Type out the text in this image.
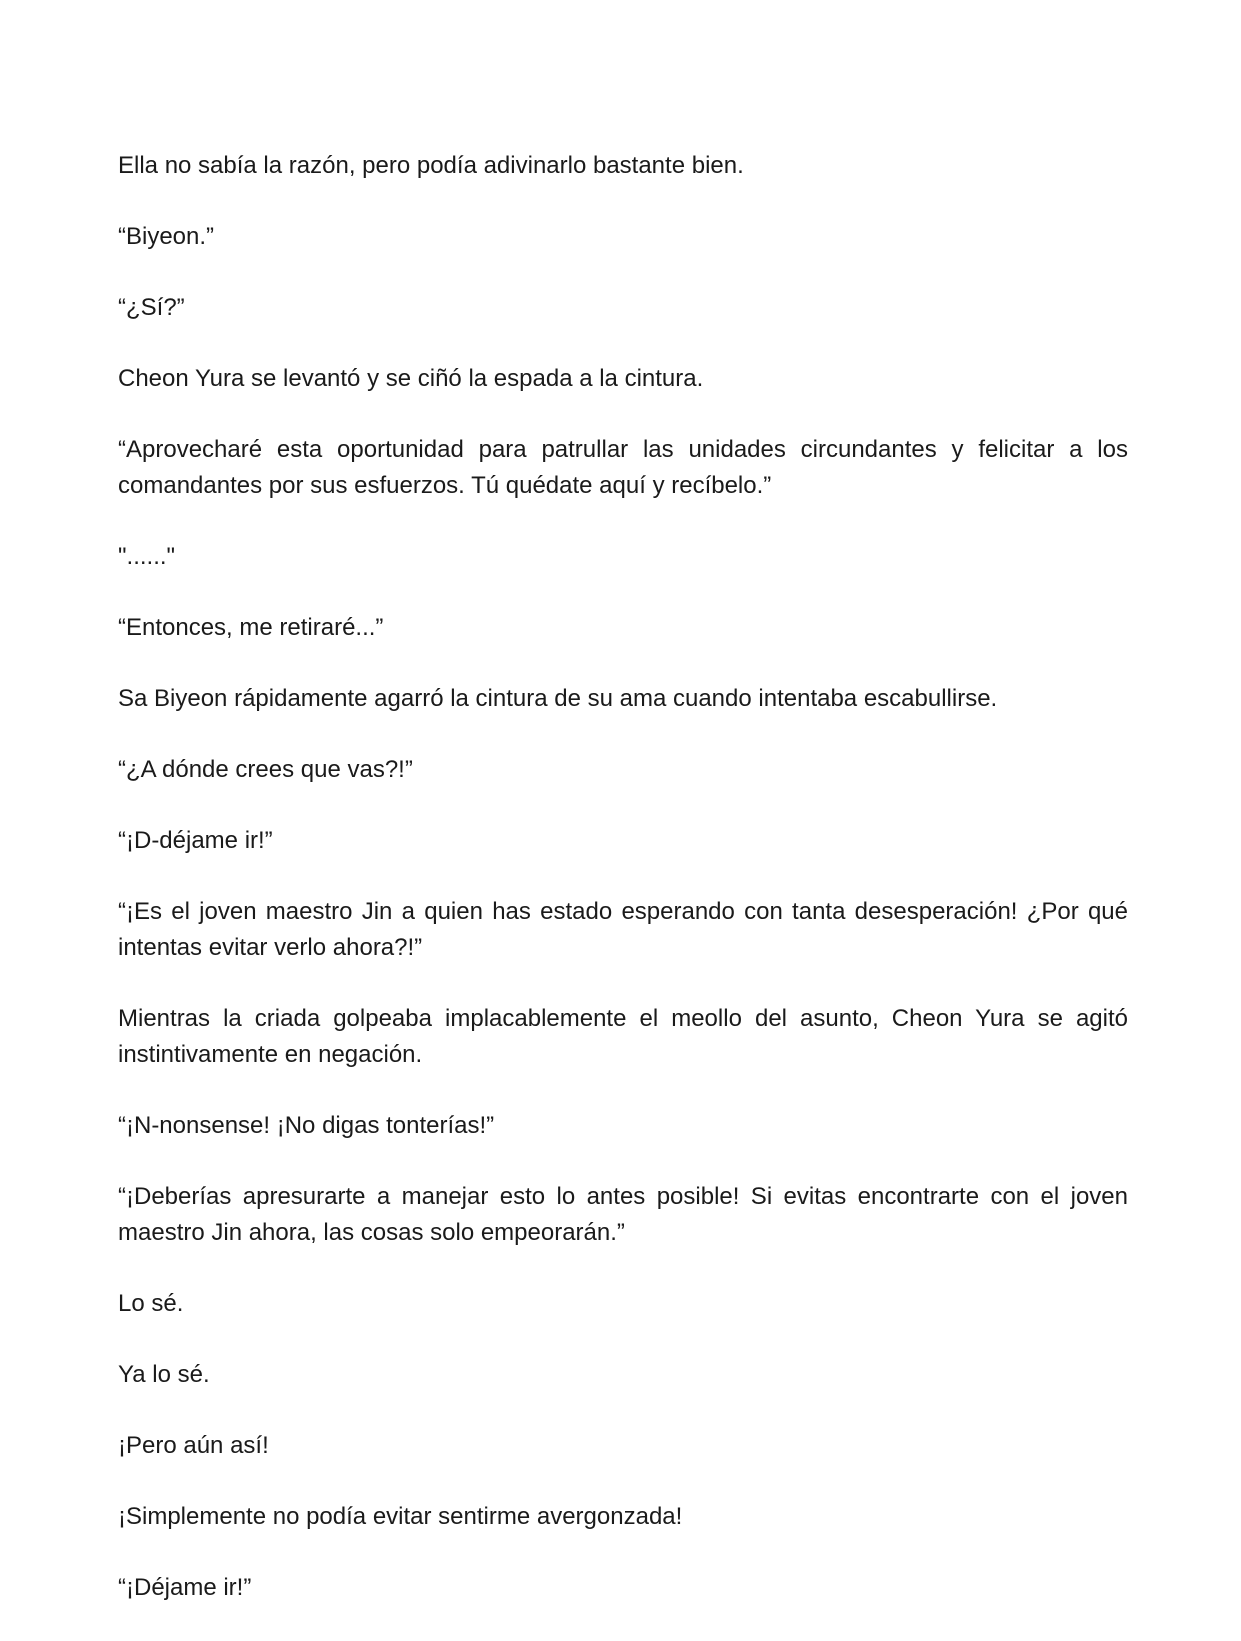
Ella no sabía la razón, pero podía adivinarlo bastante bien.

“Biyeon.”

“¿Sí?”

Cheon Yura se levantó y se ciñó la espada a la cintura.

“Aprovecharé esta oportunidad para patrullar las unidades circundantes y felicitar a los comandantes por sus esfuerzos. Tú quédate aquí y recíbelo.”

"......"

“Entonces, me retiraré...”

Sa Biyeon rápidamente agarró la cintura de su ama cuando intentaba escabullirse.

“¿A dónde crees que vas?!”

“¡D-déjame ir!”

“¡Es el joven maestro Jin a quien has estado esperando con tanta desesperación! ¿Por qué intentas evitar verlo ahora?!”

Mientras la criada golpeaba implacablemente el meollo del asunto, Cheon Yura se agitó instintivamente en negación.

“¡N-nonsense! ¡No digas tonterías!”

“¡Deberías apresurarte a manejar esto lo antes posible! Si evitas encontrarte con el joven maestro Jin ahora, las cosas solo empeorarán.”

Lo sé.

Ya lo sé.

¡Pero aún así!

¡Simplemente no podía evitar sentirme avergonzada!

“¡Déjame ir!”
